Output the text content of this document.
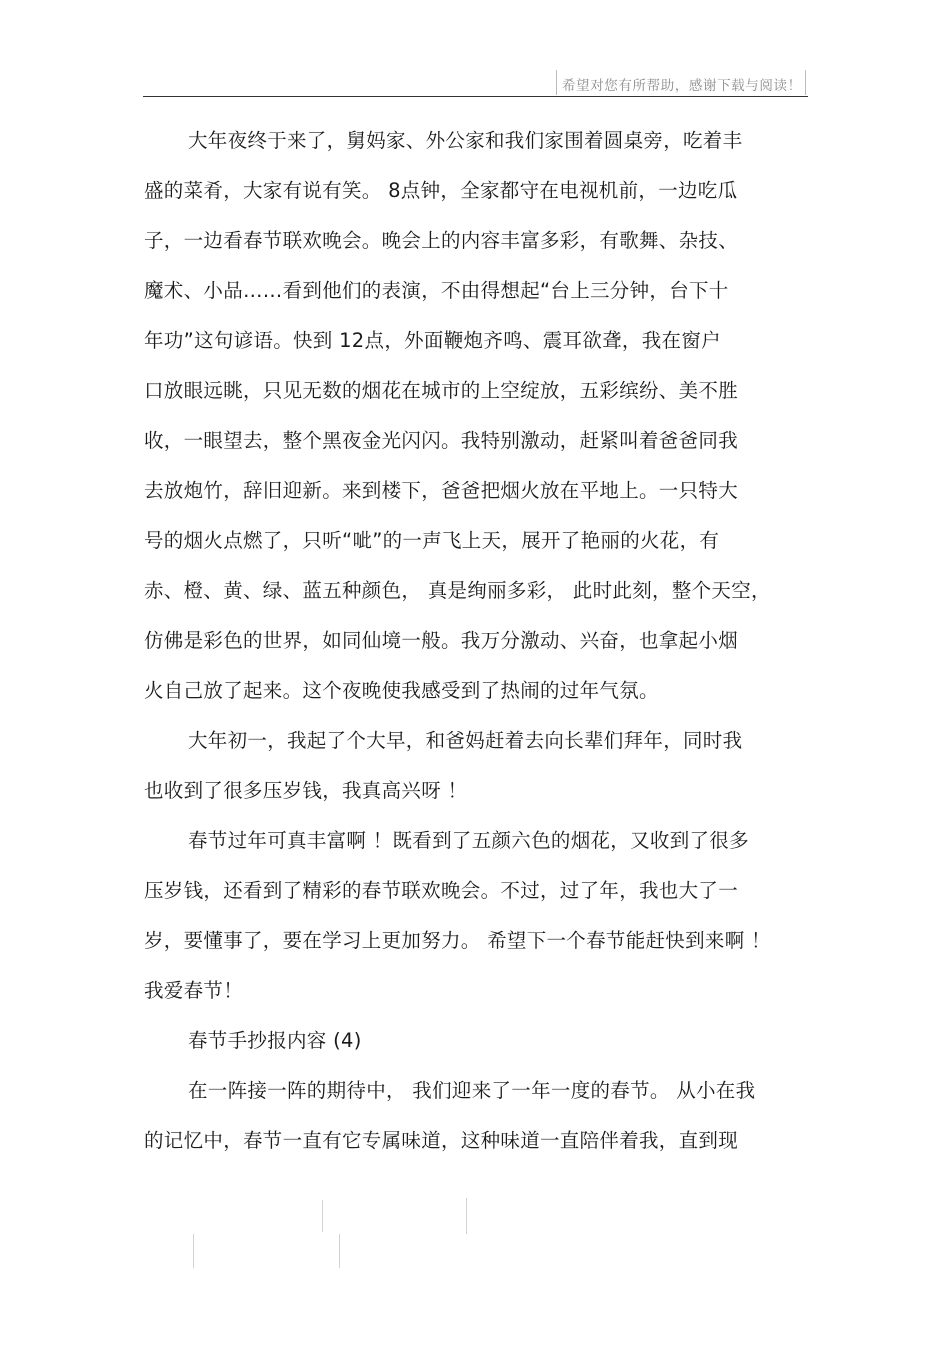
希望对您有所帮助，感谢下载与阅读！
大年夜终于来了，舅妈家、外公家和我们家围着圆桌旁，吃着丰
盛的菜肴，大家有说有笑。 8点钟，全家都守在电视机前，一边吃瓜
子，一边看春节联欢晚会。晚会上的内容丰富多彩，有歌舞、杂技、
魔术、小品……看到他们的表演，不由得想起“台上三分钟，台下十
年功”这句谚语。快到 12点，外面鞭炮齐鸣、震耳欲聋，我在窗户
口放眼远眺，只见无数的烟花在城市的上空绽放，五彩缤纷、美不胜
收，一眼望去，整个黑夜金光闪闪。我特别激动，赶紧叫着爸爸同我
去放炮竹，辞旧迎新。来到楼下，爸爸把烟火放在平地上。一只特大
号的烟火点燃了，只听“呲”的一声飞上天，展开了艳丽的火花，有
赤、橙、黄、绿、蓝五种颜色， 真是绚丽多彩， 此时此刻，整个天空，
仿佛是彩色的世界，如同仙境一般。我万分激动、兴奋，也拿起小烟
火自己放了起来。这个夜晚使我感受到了热闹的过年气氛。
大年初一，我起了个大早，和爸妈赶着去向长辈们拜年，同时我
也收到了很多压岁钱，我真高兴呀 ！
春节过年可真丰富啊 ！既看到了五颜六色的烟花，又收到了很多
压岁钱，还看到了精彩的春节联欢晚会。不过，过了年，我也大了一
岁，要懂事了，要在学习上更加努力。 希望下一个春节能赶快到来啊 ！
我爱春节！
春节手抄报内容 (4)
在一阵接一阵的期待中， 我们迎来了一年一度的春节。 从小在我
的记忆中，春节一直有它专属味道，这种味道一直陪伴着我，直到现
